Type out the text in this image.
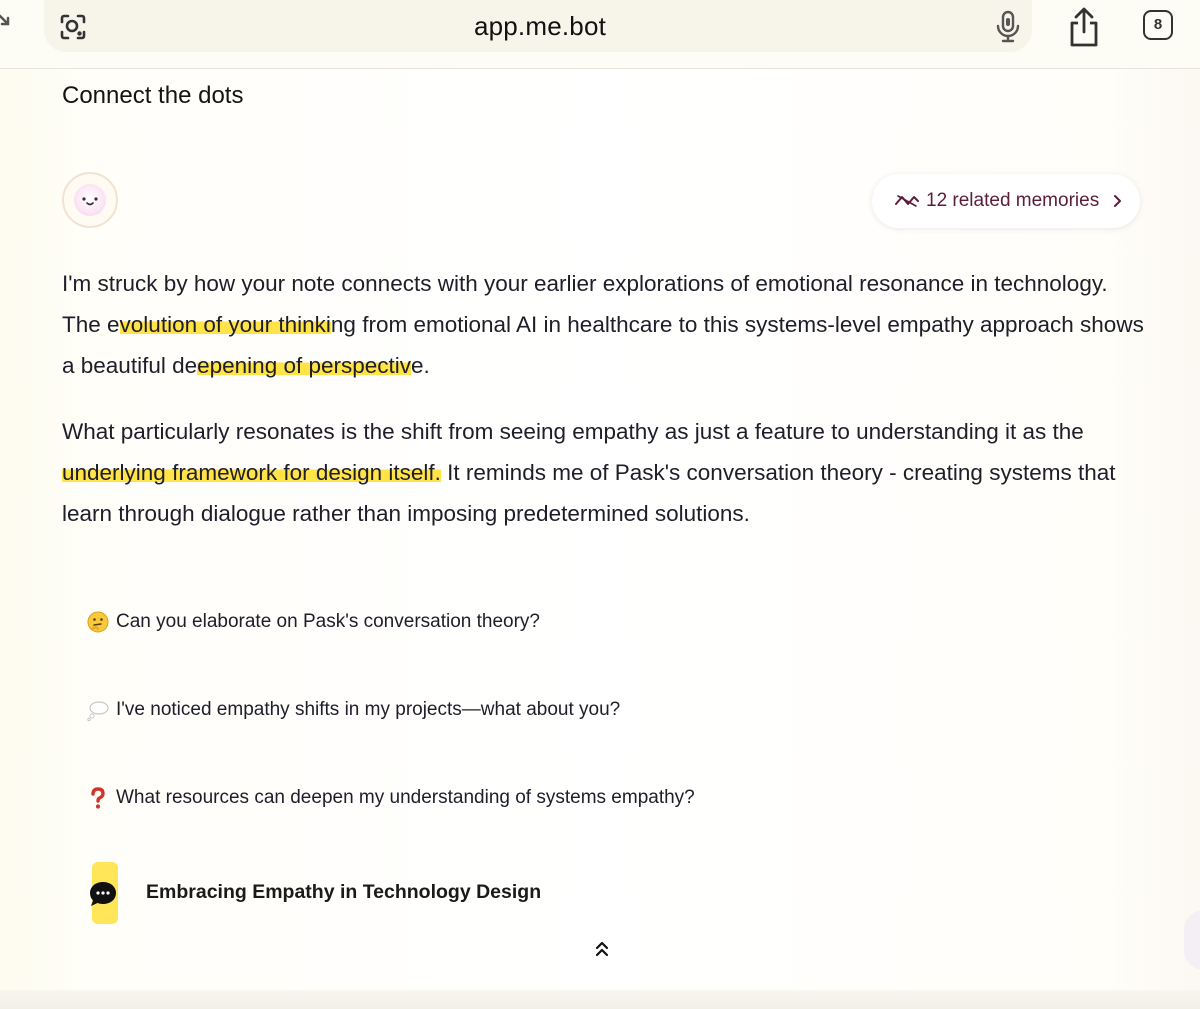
app.me.bot	8
Connect the dots
12 related memories

I'm struck by how your note connects with your earlier explorations of emotional resonance in technology. The evolution of your thinking from emotional AI in healthcare to this systems-level empathy approach shows a beautiful deepening of perspective.

What particularly resonates is the shift from seeing empathy as just a feature to understanding it as the underlying framework for design itself. It reminds me of Pask's conversation theory - creating systems that learn through dialogue rather than imposing predetermined solutions.

Can you elaborate on Pask's conversation theory?
I've noticed empathy shifts in my projects—what about you?
What resources can deepen my understanding of systems empathy?
Embracing Empathy in Technology Design
